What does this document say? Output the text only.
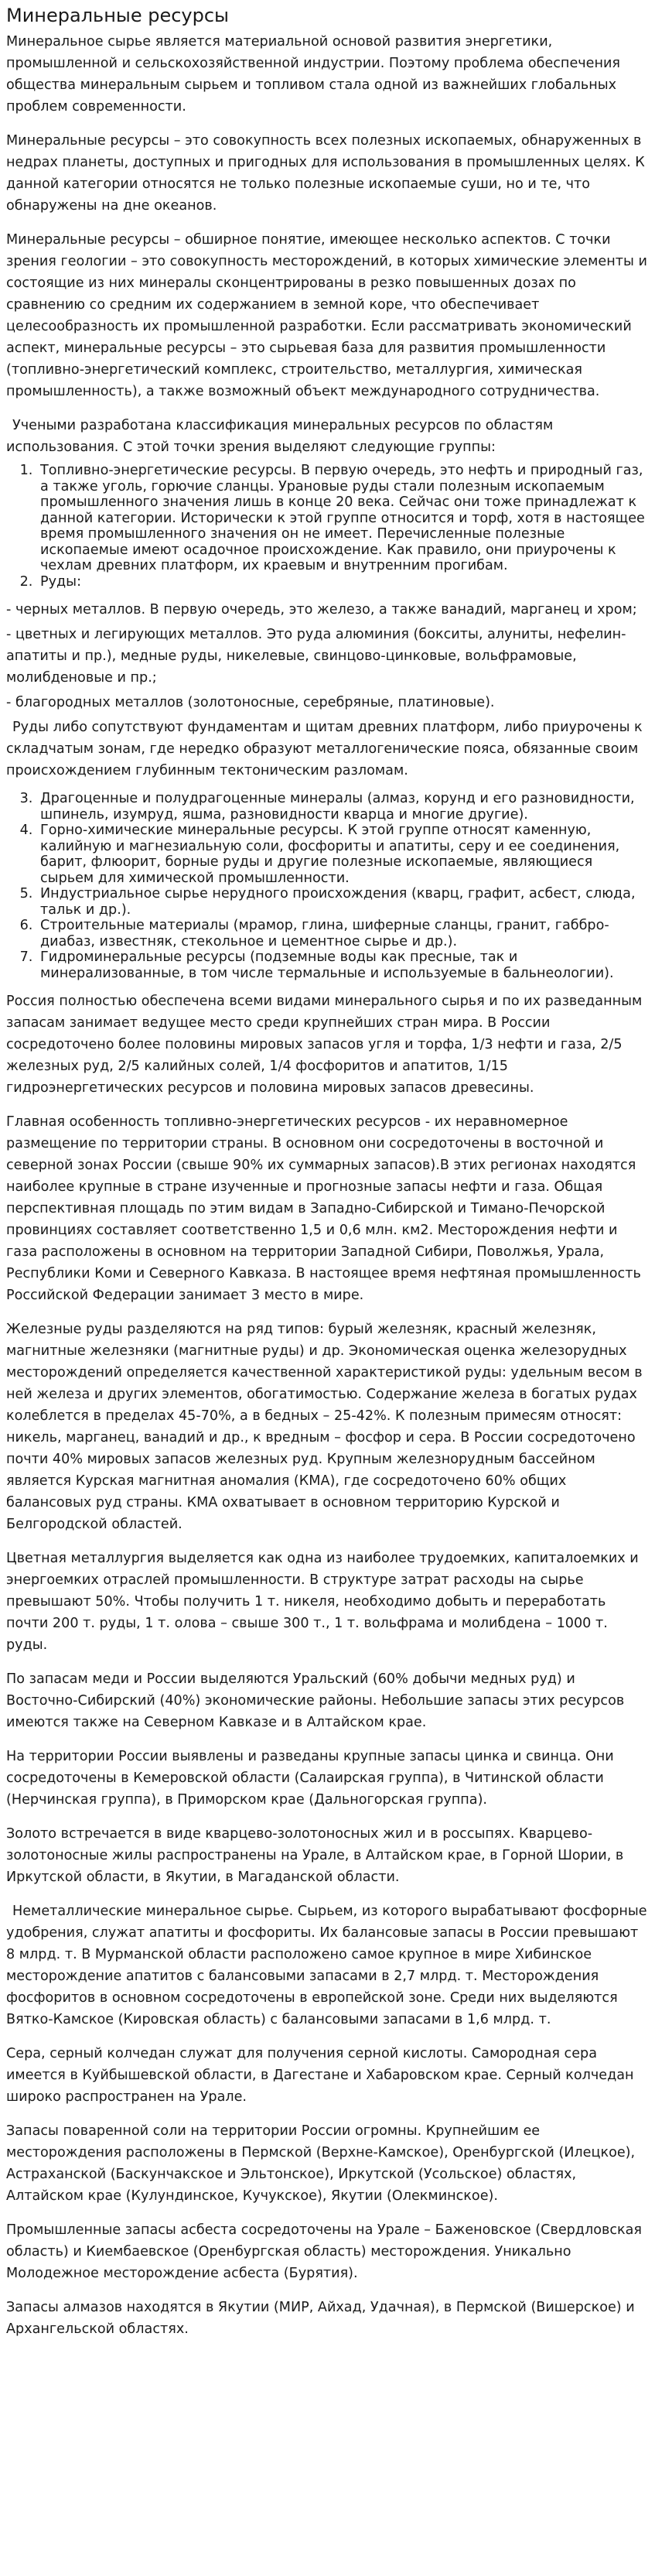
Минеральные ресурсы

Минеральное сырье является материальной основой развития энергетики, промышленной и сельскохозяйственной индустрии. Поэтому проблема обеспечения общества минеральным сырьем и топливом стала одной из важнейших глобальных проблем современности.

Минеральные ресурсы – это совокупность всех полезных ископаемых, обнаруженных в недрах планеты, доступных и пригодных для использования в промышленных целях. К данной категории относятся не только полезные ископаемые суши, но и те, что обнаружены на дне океанов.

Минеральные ресурсы – обширное понятие, имеющее несколько аспектов. С точки зрения геологии – это совокупность месторождений, в которых химические элементы и состоящие из них минералы сконцентрированы в резко повышенных дозах по сравнению со средним их содержанием в земной коре, что обеспечивает целесообразность их промышленной разработки. Если рассматривать экономический аспект, минеральные ресурсы – это сырьевая база для развития промышленности (топливно-энергетический комплекс, строительство, металлургия, химическая промышленность), а также возможный объект международного сотрудничества.

Учеными разработана классификация минеральных ресурсов по областям использования. С этой точки зрения выделяют следующие группы:

1. Топливно-энергетические ресурсы. В первую очередь, это нефть и природный газ, а также уголь, горючие сланцы. Урановые руды стали полезным ископаемым промышленного значения лишь в конце 20 века. Сейчас они тоже принадлежат к данной категории. Исторически к этой группе относится и торф, хотя в настоящее время промышленного значения он не имеет. Перечисленные полезные ископаемые имеют осадочное происхождение. Как правило, они приурочены к чехлам древних платформ, их краевым и внутренним прогибам.
2. Руды:

- черных металлов. В первую очередь, это железо, а также ванадий, марганец и хром;

- цветных и легирующих металлов. Это руда алюминия (бокситы, алуниты, нефелин-апатиты и пр.), медные руды, никелевые, свинцово-цинковые, вольфрамовые, молибденовые и пр.;

- благородных металлов (золотоносные, серебряные, платиновые).

Руды либо сопутствуют фундаментам и щитам древних платформ, либо приурочены к складчатым зонам, где нередко образуют металлогенические пояса, обязанные своим происхождением глубинным тектоническим разломам.

3. Драгоценные и полудрагоценные минералы (алмаз, корунд и его разновидности, шпинель, изумруд, яшма, разновидности кварца и многие другие).
4. Горно-химические минеральные ресурсы. К этой группе относят каменную, калийную и магнезиальную соли, фосфориты и апатиты, серу и ее соединения, барит, флюорит, борные руды и другие полезные ископаемые, являющиеся сырьем для химической промышленности.
5. Индустриальное сырье нерудного происхождения (кварц, графит, асбест, слюда, тальк и др.).
6. Строительные материалы (мрамор, глина, шиферные сланцы, гранит, габбро-диабаз, известняк, стекольное и цементное сырье и др.).
7. Гидроминеральные ресурсы (подземные воды как пресные, так и минерализованные, в том числе термальные и используемые в бальнеологии).

Россия полностью обеспечена всеми видами минерального сырья и по их разведанным запасам занимает ведущее место среди крупнейших стран мира. В России сосредоточено более половины мировых запасов угля и торфа, 1/3 нефти и газа, 2/5 железных руд, 2/5 калийных солей, 1/4 фосфоритов и апатитов, 1/15 гидроэнергетических ресурсов и половина мировых запасов древесины.

Главная особенность топливно-энергетических ресурсов - их неравномерное размещение по территории страны. В основном они сосредоточены в восточной и северной зонах России (свыше 90% их суммарных запасов).В этих регионах находятся наиболее крупные в стране изученные и прогнозные запасы нефти и газа. Общая перспективная площадь по этим видам в Западно-Сибирской и Тимано-Печорской провинциях составляет соответственно 1,5 и 0,6 млн. км2. Месторождения нефти и газа расположены в основном на территории Западной Сибири, Поволжья, Урала, Республики Коми и Северного Кавказа. В настоящее время нефтяная промышленность Российской Федерации занимает 3 место в мире.

Железные руды разделяются на ряд типов: бурый железняк, красный железняк, магнитные железняки (магнитные руды) и др. Экономическая оценка железорудных месторождений определяется качественной характеристикой руды: удельным весом в ней железа и других элементов, обогатимостью. Содержание железа в богатых рудах колеблется в пределах 45-70%, а в бедных – 25-42%. К полезным примесям относят: никель, марганец, ванадий и др., к вредным – фосфор и сера. В России сосредоточено почти 40% мировых запасов железных руд. Крупным железнорудным бассейном является Курская магнитная аномалия (КМА), где сосредоточено 60% общих балансовых руд страны. КМА охватывает в основном территорию Курской и Белгородской областей.

Цветная металлургия выделяется как одна из наиболее трудоемких, капиталоемких и энергоемких отраслей промышленности. В структуре затрат расходы на сырье превышают 50%. Чтобы получить 1 т. никеля, необходимо добыть и переработать почти 200 т. руды, 1 т. олова – свыше 300 т., 1 т. вольфрама и молибдена – 1000 т. руды.

По запасам меди и России выделяются Уральский (60% добычи медных руд) и Восточно-Сибирский (40%) экономические районы. Небольшие запасы этих ресурсов имеются также на Северном Кавказе и в Алтайском крае.

На территории России выявлены и разведаны крупные запасы цинка и свинца. Они сосредоточены в Кемеровской области (Салаирская группа), в Читинской области (Нерчинская группа), в Приморском крае (Дальногорская группа).

Золото встречается в виде кварцево-золотоносных жил и в россыпях. Кварцево-золотоносные жилы распространены на Урале, в Алтайском крае, в Горной Шории, в Иркутской области, в Якутии, в Магаданской области.

Неметаллические минеральное сырье. Сырьем, из которого вырабатывают фосфорные удобрения, служат апатиты и фосфориты. Их балансовые запасы в России превышают 8 млрд. т. В Мурманской области расположено самое крупное в мире Хибинское месторождение апатитов с балансовыми запасами в 2,7 млрд. т. Месторождения фосфоритов в основном сосредоточены в европейской зоне. Среди них выделяются Вятко-Камское (Кировская область) с балансовыми запасами в 1,6 млрд. т.

Сера, серный колчедан служат для получения серной кислоты. Самородная сера имеется в Куйбышевской области, в Дагестане и Хабаровском крае. Серный колчедан широко распространен на Урале.

Запасы поваренной соли на территории России огромны. Крупнейшим ее месторождения расположены в Пермской (Верхне-Камское), Оренбургской (Илецкое), Астраханской (Баскунчакское и Эльтонское), Иркутской (Усольское) областях, Алтайском крае (Кулундинское, Кучукское), Якутии (Олекминское).

Промышленные запасы асбеста сосредоточены на Урале – Баженовское (Свердловская область) и Киембаевское (Оренбургская область) месторождения. Уникально Молодежное месторождение асбеста (Бурятия).

Запасы алмазов находятся в Якутии (МИР, Айхад, Удачная), в Пермской (Вишерское) и Архангельской областях.
